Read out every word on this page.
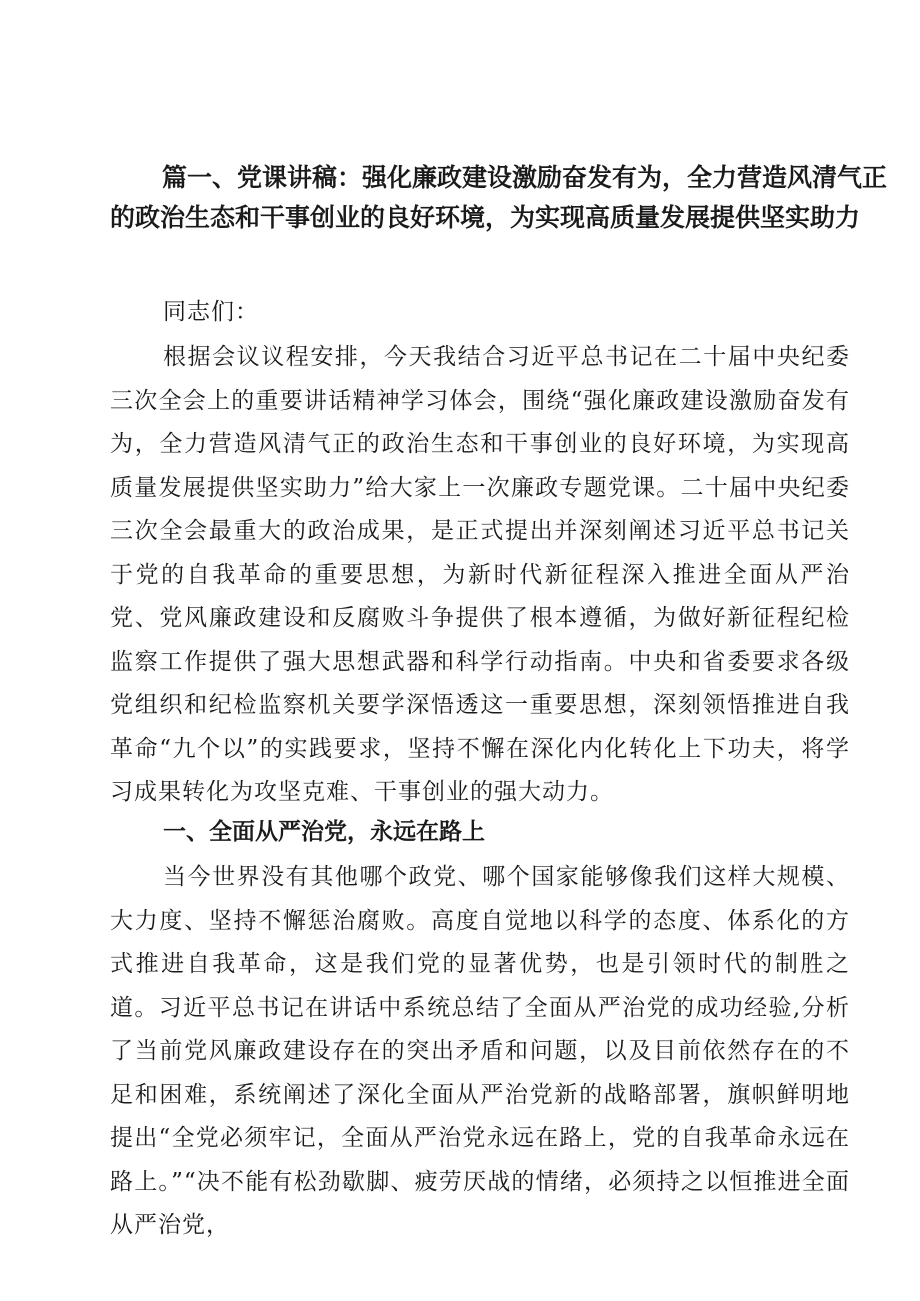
篇一、党课讲稿：强化廉政建设激励奋发有为，全力营造风清气正
的政治生态和干事创业的良好环境，为实现高质量发展提供坚实助力
同志们：

根据会议议程安排，今天我结合习近平总书记在二十届中央纪委三次全会上的重要讲话精神学习体会，围绕“强化廉政建设激励奋发有为，全力营造风清气正的政治生态和干事创业的良好环境，为实现高质量发展提供坚实助力”给大家上一次廉政专题党课。二十届中央纪委三次全会最重大的政治成果，是正式提出并深刻阐述习近平总书记关于党的自我革命的重要思想，为新时代新征程深入推进全面从严治党、党风廉政建设和反腐败斗争提供了根本遵循，为做好新征程纪检监察工作提供了强大思想武器和科学行动指南。中央和省委要求各级党组织和纪检监察机关要学深悟透这一重要思想，深刻领悟推进自我革命“九个以”的实践要求，坚持不懈在深化内化转化上下功夫，将学习成果转化为攻坚克难、干事创业的强大动力。

一、全面从严治党，永远在路上

当今世界没有其他哪个政党、哪个国家能够像我们这样大规模、大力度、坚持不懈惩治腐败。高度自觉地以科学的态度、体系化的方式推进自我革命，这是我们党的显著优势，也是引领时代的制胜之道。习近平总书记在讲话中系统总结了全面从严治党的成功经验,分析了当前党风廉政建设存在的突出矛盾和问题，以及目前依然存在的不足和困难，系统阐述了深化全面从严治党新的战略部署，旗帜鲜明地提出“全党必须牢记，全面从严治党永远在路上，党的自我革命永远在路上。”“决不能有松劲歇脚、疲劳厌战的情绪，必须持之以恒推进全面从严治党，
